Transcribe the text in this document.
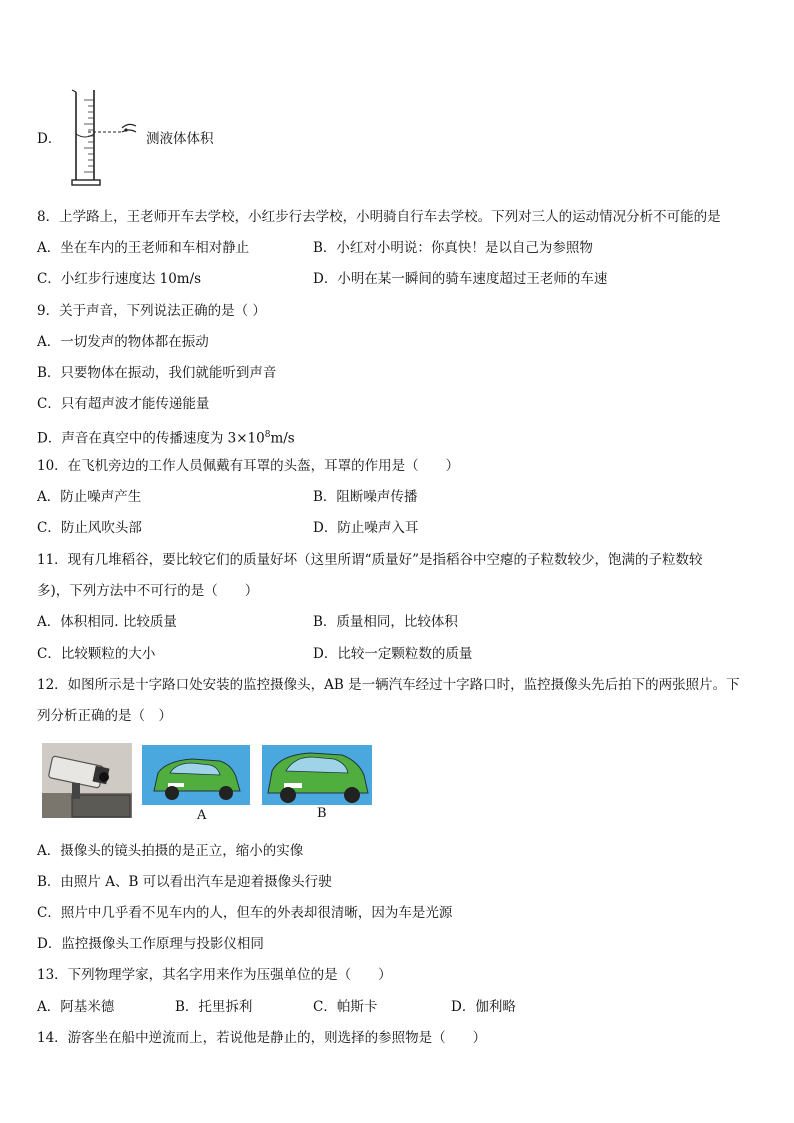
D．	测液体体积
8．上学路上，王老师开车去学校，小红步行去学校，小明骑自行车去学校。下列对三人的运动情况分析不可能的是
A．坐在车内的王老师和车相对静止	B．小红对小明说：你真快！是以自己为参照物
C．小红步行速度达 10m/s	D．小明在某一瞬间的骑车速度超过王老师的车速
9．关于声音，下列说法正确的是（ ）
A．一切发声的物体都在振动
B．只要物体在振动，我们就能听到声音
C．只有超声波才能传递能量
D．声音在真空中的传播速度为 $3\times 10^8m/s$
10．在飞机旁边的工作人员佩戴有耳罩的头盔，耳罩的作用是（　　）
A．防止噪声产生	B．阻断噪声传播
C．防止风吹头部	D．防止噪声入耳
11．现有几堆稻谷，要比较它们的质量好坏（这里所谓“质量好”是指稻谷中空瘪的子粒数较少，饱满的子粒数较
多)，下列方法中不可行的是（　　）
A．体积相同. 比较质量	B．质量相同，比较体积
C．比较颗粒的大小	D．比较一定颗粒数的质量
12．如图所示是十字路口处安装的监控摄像头，AB 是一辆汽车经过十字路口时，监控摄像头先后拍下的两张照片。下
列分析正确的是（　）
A	B
A．摄像头的镜头拍摄的是正立，缩小的实像
B．由照片 A、B 可以看出汽车是迎着摄像头行驶
C．照片中几乎看不见车内的人，但车的外表却很清晰，因为车是光源
D．监控摄像头工作原理与投影仪相同
13．下列物理学家，其名字用来作为压强单位的是（　　）
A．阿基米德	B．托里拆利	C．帕斯卡	D．伽利略
14．游客坐在船中逆流而上，若说他是静止的，则选择的参照物是（　　）
